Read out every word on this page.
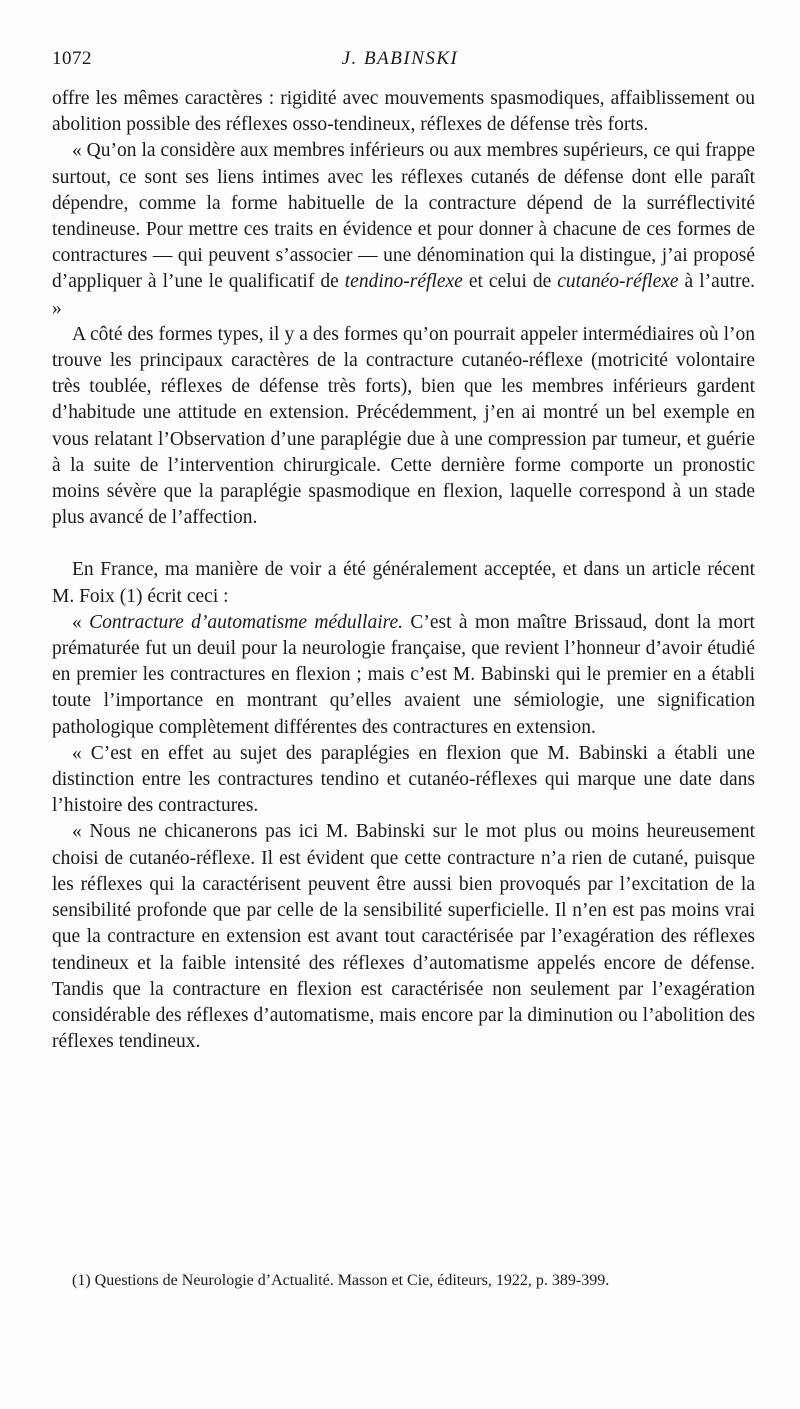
1072	J. BABINSKI

offre les mêmes caractères : rigidité avec mouvements spasmodiques, affaiblissement ou abolition possible des réflexes osso-tendineux, réflexes de défense très forts.

« Qu’on la considère aux membres inférieurs ou aux membres supérieurs, ce qui frappe surtout, ce sont ses liens intimes avec les réflexes cutanés de défense dont elle paraît dépendre, comme la forme habituelle de la contracture dépend de la surréflectivité tendineuse. Pour mettre ces traits en évidence et pour donner à chacune de ces formes de contractures — qui peuvent s’associer — une dénomination qui la distingue, j’ai proposé d’appliquer à l’une le qualificatif de tendino-réflexe et celui de cutanéo-réflexe à l’autre. »

A côté des formes types, il y a des formes qu’on pourrait appeler intermédiaires où l’on trouve les principaux caractères de la contracture cutanéo-réflexe (motricité volontaire très toublée, réflexes de défense très forts), bien que les membres inférieurs gardent d’habitude une attitude en extension. Précédemment, j’en ai montré un bel exemple en vous relatant l’Observation d’une paraplégie due à une compression par tumeur, et guérie à la suite de l’intervention chirurgicale. Cette dernière forme comporte un pronostic moins sévère que la paraplégie spasmodique en flexion, laquelle correspond à un stade plus avancé de l’affection.

En France, ma manière de voir a été généralement acceptée, et dans un article récent M. Foix (1) écrit ceci :

« Contracture d’automatisme médullaire. C’est à mon maître Brissaud, dont la mort prématurée fut un deuil pour la neurologie française, que revient l’honneur d’avoir étudié en premier les contractures en flexion ; mais c’est M. Babinski qui le premier en a établi toute l’importance en montrant qu’elles avaient une sémiologie, une signification pathologique complètement différentes des contractures en extension.

« C’est en effet au sujet des paraplégies en flexion que M. Babinski a établi une distinction entre les contractures tendino et cutanéo-réflexes qui marque une date dans l’histoire des contractures.

« Nous ne chicanerons pas ici M. Babinski sur le mot plus ou moins heureusement choisi de cutanéo-réflexe. Il est évident que cette contracture n’a rien de cutané, puisque les réflexes qui la caractérisent peuvent être aussi bien provoqués par l’excitation de la sensibilité profonde que par celle de la sensibilité superficielle. Il n’en est pas moins vrai que la contracture en extension est avant tout caractérisée par l’exagération des réflexes tendineux et la faible intensité des réflexes d’automatisme appelés encore de défense. Tandis que la contracture en flexion est caractérisée non seulement par l’exagération considérable des réflexes d’automatisme, mais encore par la diminution ou l’abolition des réflexes tendineux.

(1) Questions de Neurologie d’Actualité. Masson et Cie, éditeurs, 1922, p. 389-399.
